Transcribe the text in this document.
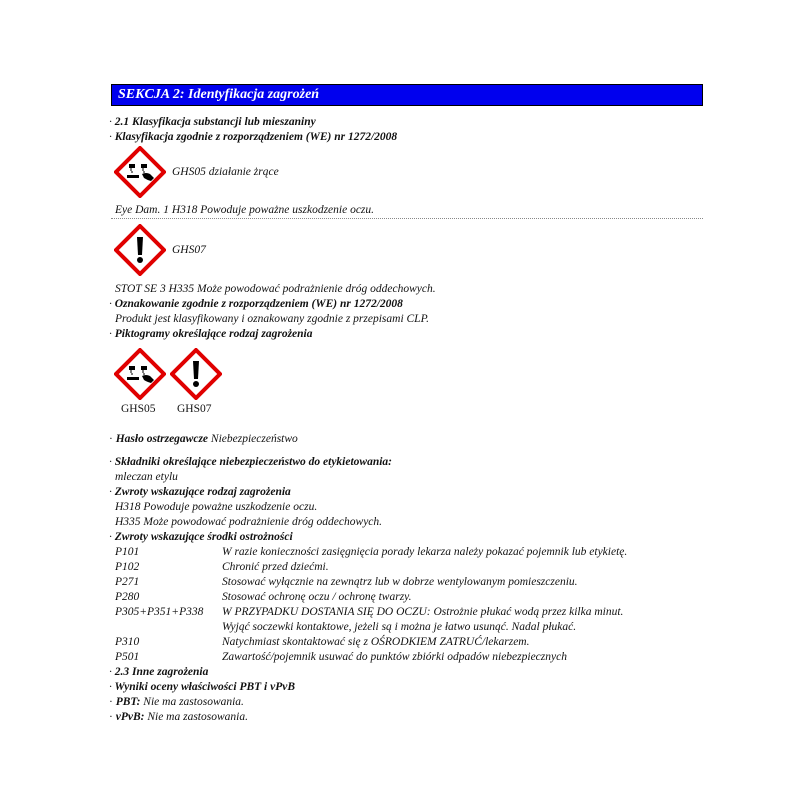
SEKCJA 2: Identyfikacja zagrożeń
· 2.1 Klasyfikacja substancji lub mieszaniny
· Klasyfikacja zgodnie z rozporządzeniem (WE) nr 1272/2008
GHS05 działanie żrące
Eye Dam. 1 H318 Powoduje poważne uszkodzenie oczu.
GHS07
STOT SE 3 H335 Może powodować podrażnienie dróg oddechowych.
· Oznakowanie zgodnie z rozporządzeniem (WE) nr 1272/2008
Produkt jest klasyfikowany i oznakowany zgodnie z przepisami CLP.
· Piktogramy określające rodzaj zagrożenia
GHS05 GHS07
· Hasło ostrzegawcze Niebezpieczeństwo
· Składniki określające niebezpieczeństwo do etykietowania:
mleczan etylu
· Zwroty wskazujące rodzaj zagrożenia
H318 Powoduje poważne uszkodzenie oczu.
H335 Może powodować podrażnienie dróg oddechowych.
· Zwroty wskazujące środki ostrożności
P101	W razie konieczności zasięgnięcia porady lekarza należy pokazać pojemnik lub etykietę.
P102	Chronić przed dziećmi.
P271	Stosować wyłącznie na zewnątrz lub w dobrze wentylowanym pomieszczeniu.
P280	Stosować ochronę oczu / ochronę twarzy.
P305+P351+P338 W PRZYPADKU DOSTANIA SIĘ DO OCZU: Ostrożnie płukać wodą przez kilka minut.
Wyjąć soczewki kontaktowe, jeżeli są i można je łatwo usunąć. Nadal płukać.
P310	Natychmiast skontaktować się z OŚRODKIEM ZATRUĆ/lekarzem.
P501	Zawartość/pojemnik usuwać do punktów zbiórki odpadów niebezpiecznych
· 2.3 Inne zagrożenia
· Wyniki oceny właściwości PBT i vPvB
· PBT: Nie ma zastosowania.
· vPvB: Nie ma zastosowania.
